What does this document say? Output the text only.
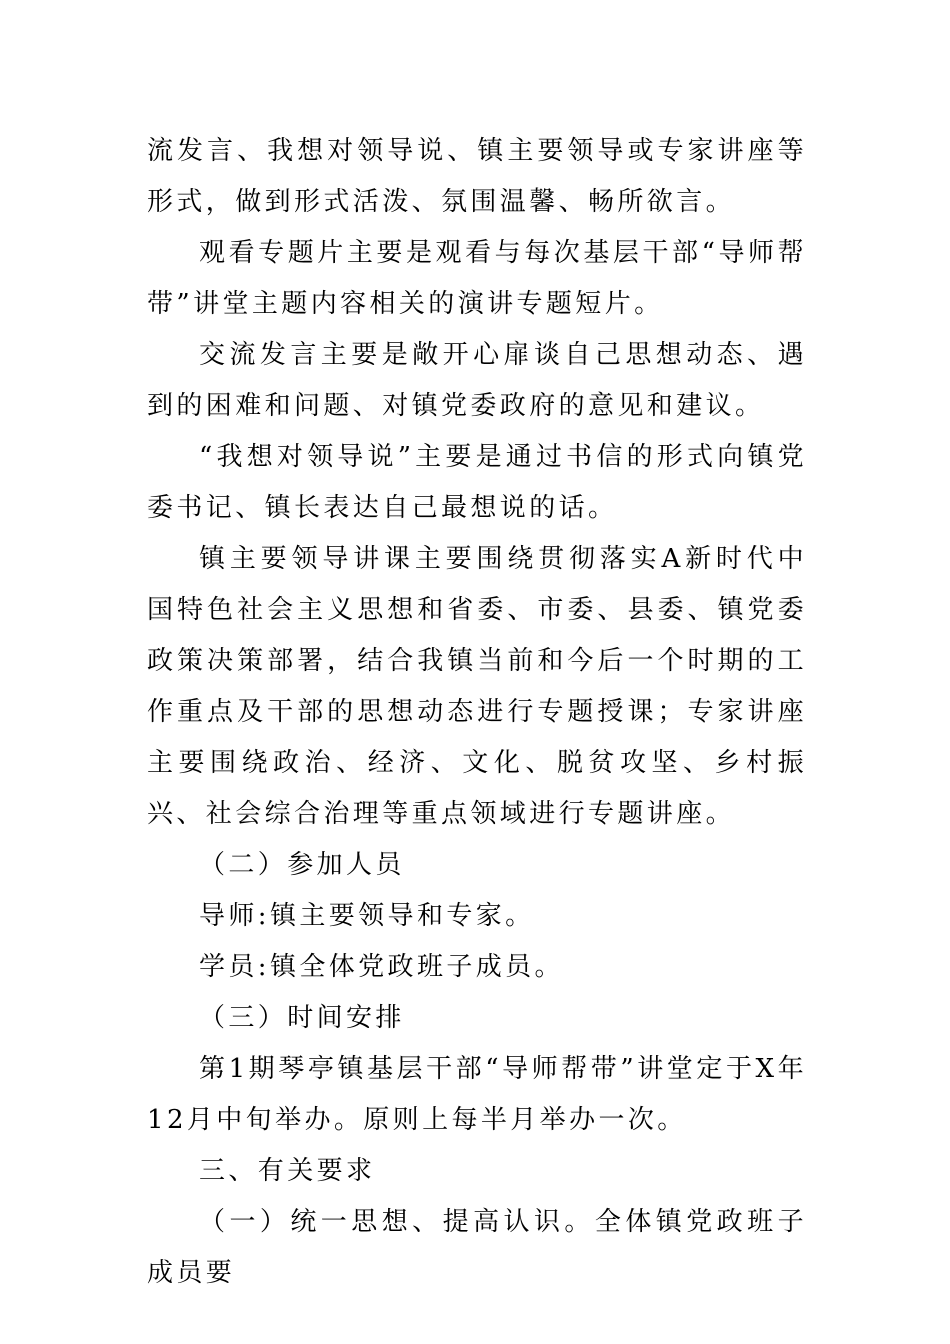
流发言、我想对领导说、镇主要领导或专家讲座等形式，做到形式活泼、氛围温馨、畅所欲言。

观看专题片主要是观看与每次基层干部“导师帮带”讲堂主题内容相关的演讲专题短片。

交流发言主要是敞开心扉谈自己思想动态、遇到的困难和问题、对镇党委政府的意见和建议。

“我想对领导说”主要是通过书信的形式向镇党委书记、镇长表达自己最想说的话。

镇主要领导讲课主要围绕贯彻落实A新时代中国特色社会主义思想和省委、市委、县委、镇党委政策决策部署，结合我镇当前和今后一个时期的工作重点及干部的思想动态进行专题授课；专家讲座主要围绕政治、经济、文化、脱贫攻坚、乡村振兴、社会综合治理等重点领域进行专题讲座。

（二）参加人员

导师:镇主要领导和专家。

学员:镇全体党政班子成员。

（三）时间安排

第1期琴亭镇基层干部“导师帮带”讲堂定于X年12月中旬举办。原则上每半月举办一次。

三、有关要求

（一）统一思想、提高认识。全体镇党政班子成员要
